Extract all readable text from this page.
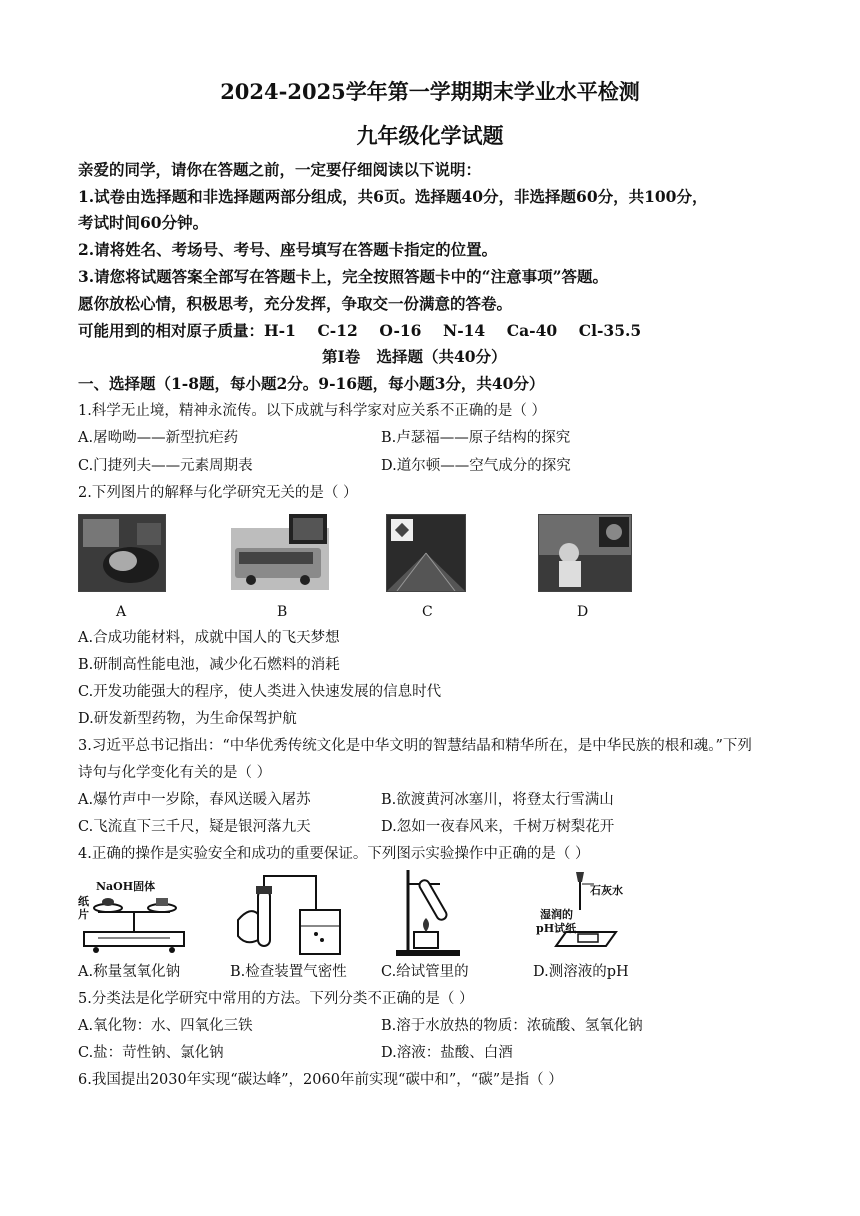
2024-2025学年第一学期期末学业水平检测
九年级化学试题
亲爱的同学，请你在答题之前，一定要仔细阅读以下说明：
1.试卷由选择题和非选择题两部分组成，共6页。选择题40分，非选择题60分，共100分，
考试时间60分钟。
2.请将姓名、考场号、考号、座号填写在答题卡指定的位置。
3.请您将试题答案全部写在答题卡上，完全按照答题卡中的“注意事项”答题。
愿你放松心情，积极思考，充分发挥，争取交一份满意的答卷。
可能用到的相对原子质量：H-1    C-12    O-16    N-14    Ca-40    Cl-35.5
第Ⅰ卷   选择题（共40分）
一、选择题（1-8题，每小题2分。9-16题，每小题3分，共40分）
1.科学无止境，精神永流传。以下成就与科学家对应关系不正确的是（ ）
A.屠呦呦——新型抗疟药	B.卢瑟福——原子结构的探究
C.门捷列夫——元素周期表	D.道尔顿——空气成分的探究
2.下列图片的解释与化学研究无关的是（ ）
A	B	C	D
A.合成功能材料，成就中国人的飞天梦想
B.研制高性能电池，减少化石燃料的消耗
C.开发功能强大的程序，使人类进入快速发展的信息时代
D.研发新型药物，为生命保驾护航
3.习近平总书记指出：“中华优秀传统文化是中华文明的智慧结晶和精华所在，是中华民族的根和魂。”下列
诗句与化学变化有关的是（ ）
A.爆竹声中一岁除，春风送暖入屠苏	B.欲渡黄河冰塞川，将登太行雪满山
C.飞流直下三千尺，疑是银河落九天	D.忽如一夜春风来，千树万树梨花开
4.正确的操作是实验安全和成功的重要保证。下列图示实验操作中正确的是（ ）
NaOH固体
纸
片	湿润的
pH试纸
石灰水
A.称量氢氧化钠	B.检查装置气密性 C.给试管里的	D.测溶液的pH
5.分类法是化学研究中常用的方法。下列分类不正确的是（ ）
A.氧化物：水、四氧化三铁	B.溶于水放热的物质：浓硫酸、氢氧化钠
C.盐：苛性钠、氯化钠	D.溶液：盐酸、白酒
6.我国提出2030年实现“碳达峰”，2060年前实现“碳中和”，“碳”是指（ ）
